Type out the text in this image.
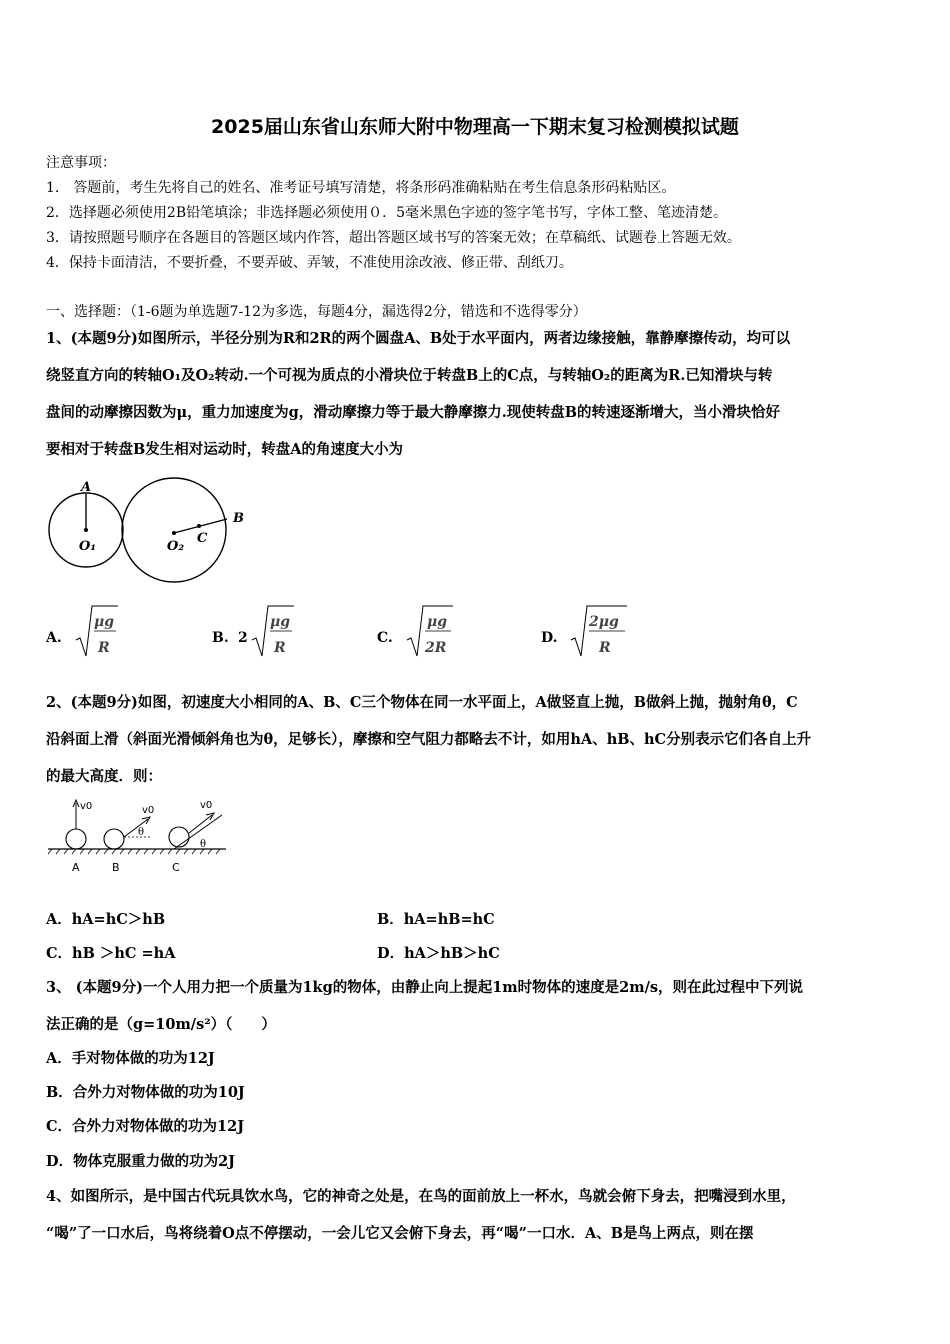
2025届山东省山东师大附中物理高一下期末复习检测模拟试题
注意事项：
1.　答题前，考生先将自己的姓名、准考证号填写清楚，将条形码准确粘贴在考生信息条形码粘贴区。
2．选择题必须使用2B铅笔填涂；非选择题必须使用０．5毫米黑色字迹的签字笔书写，字体工整、笔迹清楚。
3．请按照题号顺序在各题目的答题区域内作答，超出答题区域书写的答案无效；在草稿纸、试题卷上答题无效。
4．保持卡面清洁，不要折叠，不要弄破、弄皱，不准使用涂改液、修正带、刮纸刀。
一、选择题：（1-6题为单选题7-12为多选，每题4分，漏选得2分，错选和不选得零分）
1、(本题9分)如图所示，半径分别为R和2R的两个圆盘A、B处于水平面内，两者边缘接触，靠静摩擦传动，均可以
绕竖直方向的转轴O₁及O₂转动.一个可视为质点的小滑块位于转盘B上的C点，与转轴O₂的距离为R.已知滑块与转
盘间的动摩擦因数为μ，重力加速度为g，滑动摩擦力等于最大静摩擦力.现使转盘B的转速逐渐增大，当小滑块恰好
要相对于转盘B发生相对运动时，转盘A的角速度大小为
A
O₁	O₂
C
B
A.
μg
R
B. 2
μg
R
C.
μg
2R
D.
2μg
R
2、(本题9分)如图，初速度大小相同的A、B、C三个物体在同一水平面上，A做竖直上抛，B做斜上抛，抛射角θ，C
沿斜面上滑（斜面光滑倾斜角也为θ，足够长），摩擦和空气阻力都略去不计，如用hA、hB、hC分别表示它们各自上升
的最大高度．则：
v0	v0
θ
v0
θ
A	B	C
A．hA=hC＞hB	B．hA=hB=hC
C．hB ＞hC =hA	D．hA＞hB＞hC
3、 (本题9分)一个人用力把一个质量为1kg的物体，由静止向上提起1m时物体的速度是2m/s，则在此过程中下列说
法正确的是（g=10m/s²）（　　）
A．手对物体做的功为12J
B．合外力对物体做的功为10J
C．合外力对物体做的功为12J
D．物体克服重力做的功为2J
4、如图所示，是中国古代玩具饮水鸟，它的神奇之处是，在鸟的面前放上一杯水，鸟就会俯下身去，把嘴浸到水里，
“喝”了一口水后，鸟将绕着O点不停摆动，一会儿它又会俯下身去，再“喝”一口水．A、B是鸟上两点，则在摆
